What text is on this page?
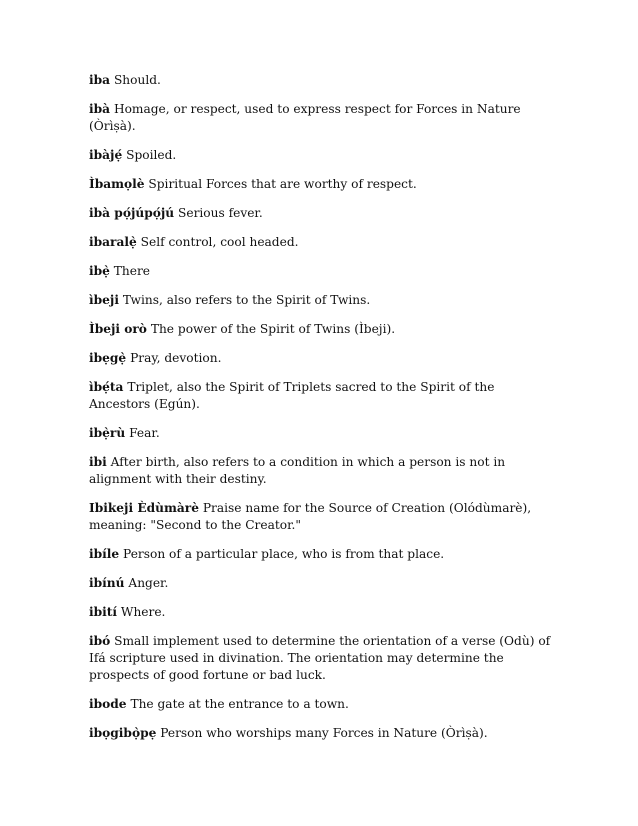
iba Should.

ibà Homage, or respect, used to express respect for Forces in Nature (Òrìṣà).

ibàjẹ́ Spoiled.

Ìbamọlè Spiritual Forces that are worthy of respect.

ibà pọ́júpọ́jú Serious fever.

ibaralẹ̀ Self control, cool headed.

ibẹ̀ There

ìbeji Twins, also refers to the Spirit of Twins.

Ìbeji orò The power of the Spirit of Twins (Ìbeji).

ibẹgẹ̀ Pray, devotion.

ìbẹ́ta Triplet, also the Spirit of Triplets sacred to the Spirit of the Ancestors (Egún).

ibẹ̀rù Fear.

ibi After birth, also refers to a condition in which a person is not in alignment with their destiny.

Ibikeji Èdùmàrè Praise name for the Source of Creation (Olódùmarè), meaning: "Second to the Creator."

ibíle Person of a particular place, who is from that place.

ibínú Anger.

ibití Where.

ibó Small implement used to determine the orientation of a verse (Odù) of Ifá scripture used in divination. The orientation may determine the prospects of good fortune or bad luck.

ibode The gate at the entrance to a town.

ibọgibọ̀pẹ Person who worships many Forces in Nature (Òrìṣà).
